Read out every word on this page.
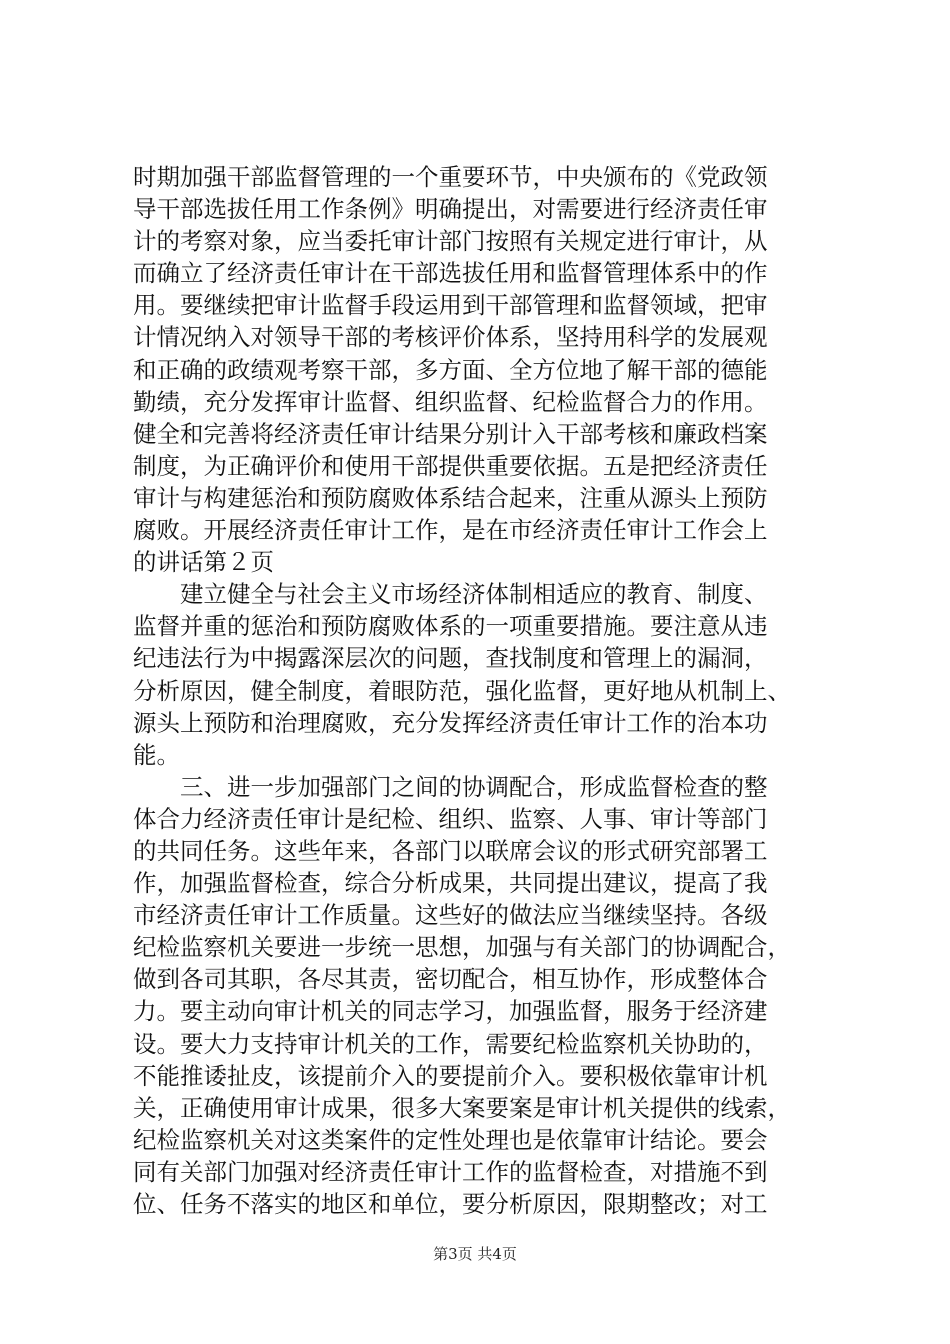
时期加强干部监督管理的一个重要环节，中央颁布的《党政领
导干部选拔任用工作条例》明确提出，对需要进行经济责任审
计的考察对象，应当委托审计部门按照有关规定进行审计，从
而确立了经济责任审计在干部选拔任用和监督管理体系中的作
用。要继续把审计监督手段运用到干部管理和监督领域，把审
计情况纳入对领导干部的考核评价体系，坚持用科学的发展观
和正确的政绩观考察干部，多方面、全方位地了解干部的德能
勤绩，充分发挥审计监督、组织监督、纪检监督合力的作用。
健全和完善将经济责任审计结果分别计入干部考核和廉政档案
制度，为正确评价和使用干部提供重要依据。五是把经济责任
审计与构建惩治和预防腐败体系结合起来，注重从源头上预防
腐败。开展经济责任审计工作，是在市经济责任审计工作会上
的讲话第２页
　　建立健全与社会主义市场经济体制相适应的教育、制度、
监督并重的惩治和预防腐败体系的一项重要措施。要注意从违
纪违法行为中揭露深层次的问题，查找制度和管理上的漏洞，
分析原因，健全制度，着眼防范，强化监督，更好地从机制上、
源头上预防和治理腐败，充分发挥经济责任审计工作的治本功
能。
　　三、进一步加强部门之间的协调配合，形成监督检查的整
体合力经济责任审计是纪检、组织、监察、人事、审计等部门
的共同任务。这些年来，各部门以联席会议的形式研究部署工
作，加强监督检查，综合分析成果，共同提出建议，提高了我
市经济责任审计工作质量。这些好的做法应当继续坚持。各级
纪检监察机关要进一步统一思想，加强与有关部门的协调配合，
做到各司其职，各尽其责，密切配合，相互协作，形成整体合
力。要主动向审计机关的同志学习，加强监督，服务于经济建
设。要大力支持审计机关的工作，需要纪检监察机关协助的，
不能推诿扯皮，该提前介入的要提前介入。要积极依靠审计机
关，正确使用审计成果，很多大案要案是审计机关提供的线索，
纪检监察机关对这类案件的定性处理也是依靠审计结论。要会
同有关部门加强对经济责任审计工作的监督检查，对措施不到
位、任务不落实的地区和单位，要分析原因，限期整改；对工
第3页 共4页
